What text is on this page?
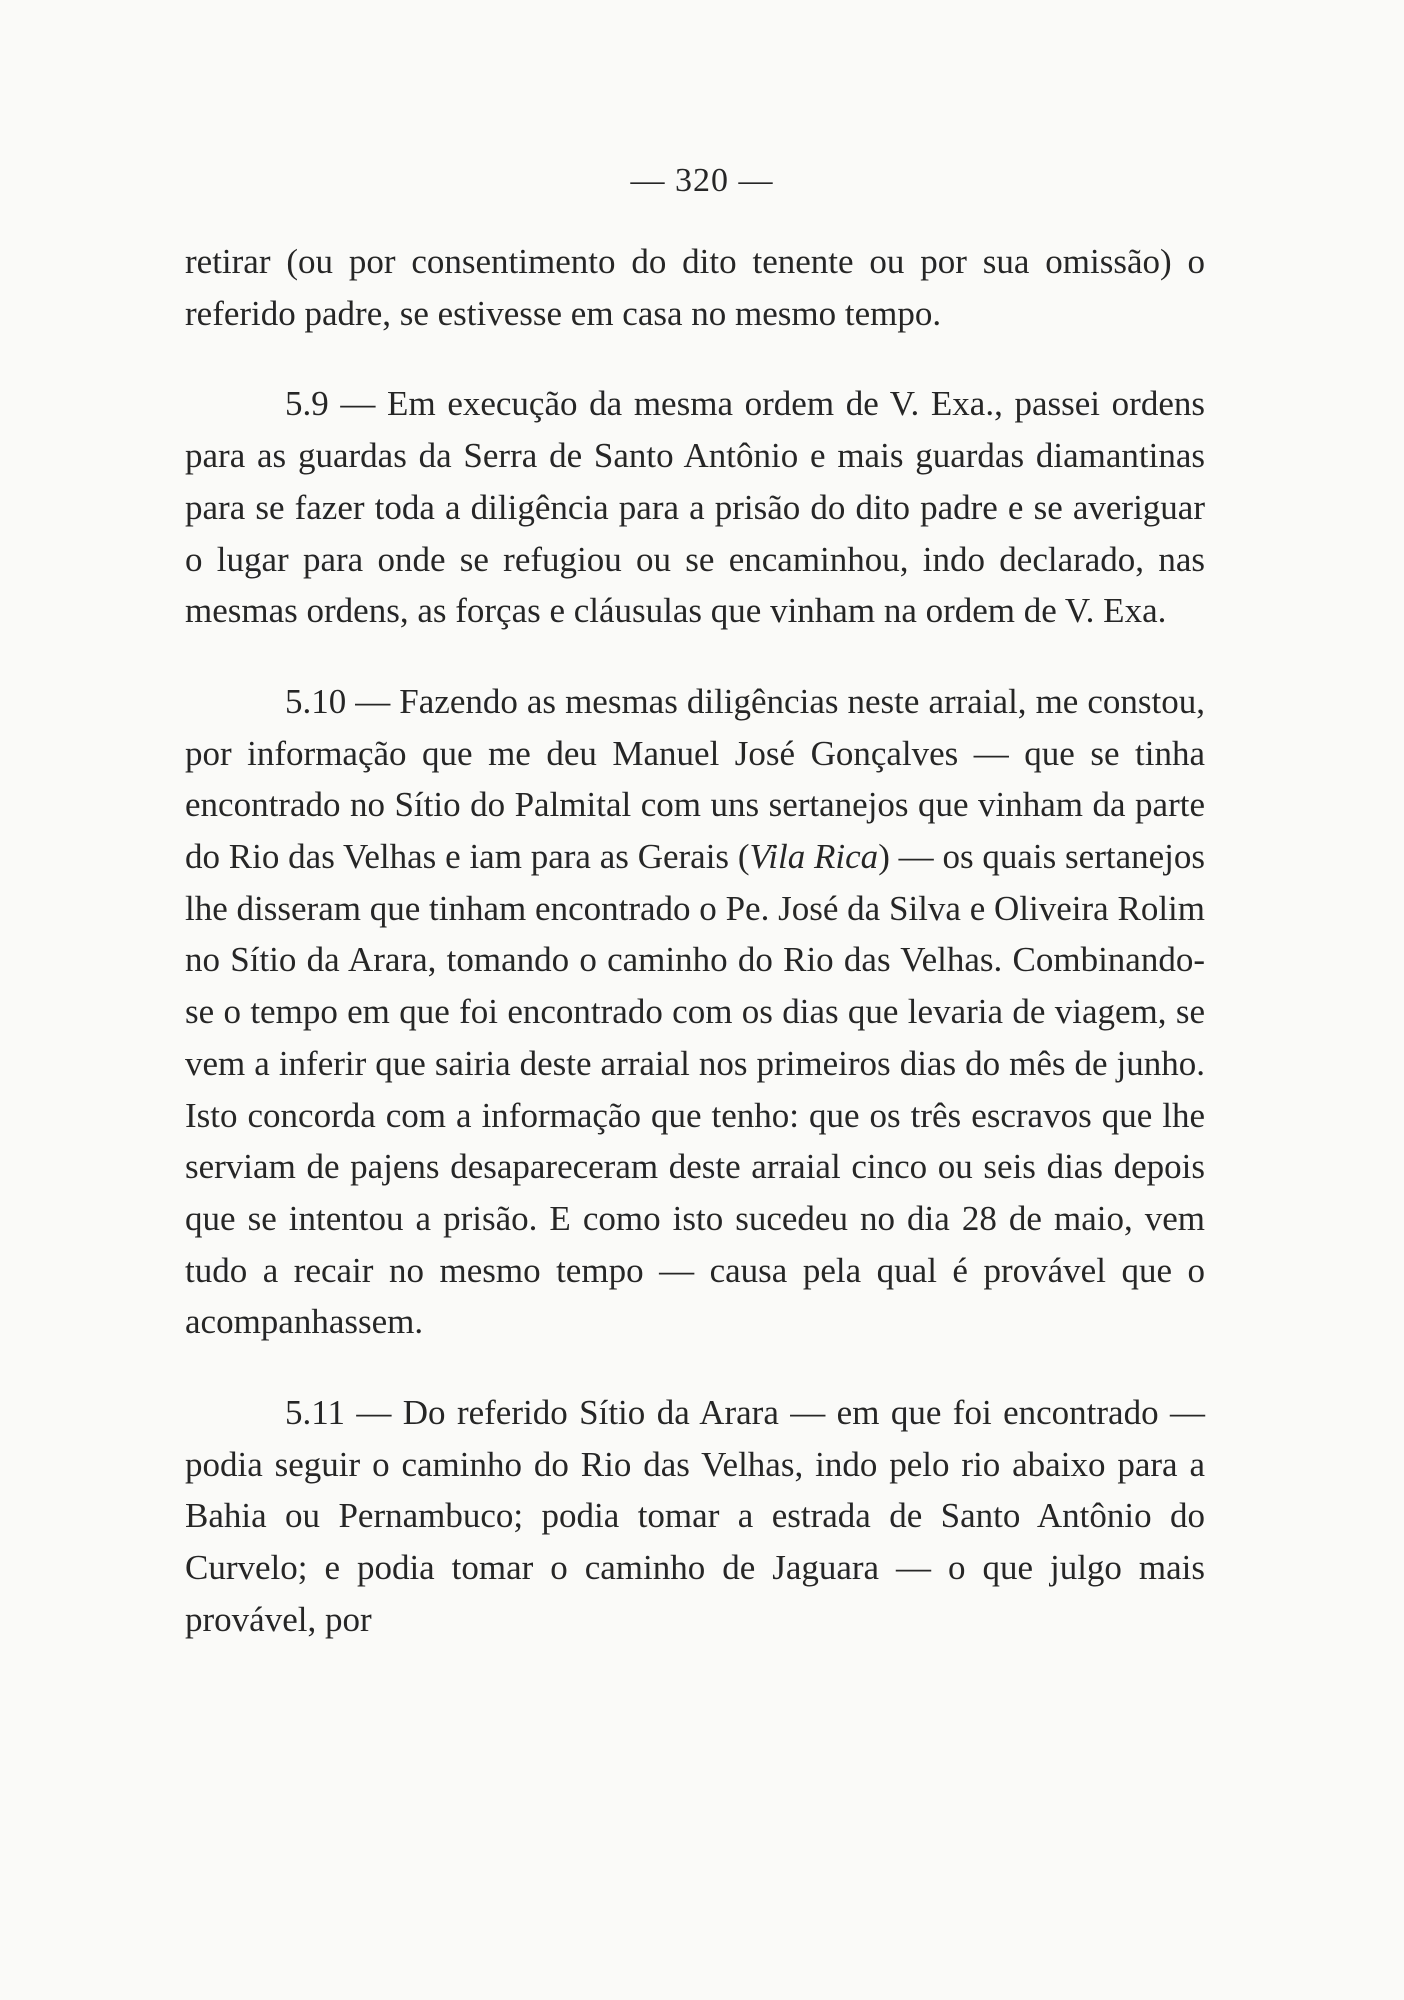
— 320 —

retirar (ou por consentimento do dito tenente ou por sua omissão) o referido padre, se estivesse em casa no mesmo tempo.

5.9 — Em execução da mesma ordem de V. Exa., passei ordens para as guardas da Serra de Santo Antônio e mais guardas diamantinas para se fazer toda a diligência para a prisão do dito padre e se averiguar o lugar para onde se refugiou ou se encaminhou, indo declarado, nas mesmas ordens, as forças e cláusulas que vinham na ordem de V. Exa.

5.10 — Fazendo as mesmas diligências neste arraial, me constou, por informação que me deu Manuel José Gonçalves — que se tinha encontrado no Sítio do Palmital com uns sertanejos que vinham da parte do Rio das Velhas e iam para as Gerais (Vila Rica) — os quais sertanejos lhe disseram que tinham encontrado o Pe. José da Silva e Oliveira Rolim no Sítio da Arara, tomando o caminho do Rio das Velhas. Combinando-se o tempo em que foi encontrado com os dias que levaria de viagem, se vem a inferir que sairia deste arraial nos primeiros dias do mês de junho. Isto concorda com a informação que tenho: que os três escravos que lhe serviam de pajens desapareceram deste arraial cinco ou seis dias depois que se intentou a prisão. E como isto sucedeu no dia 28 de maio, vem tudo a recair no mesmo tempo — causa pela qual é provável que o acompanhassem.

5.11 — Do referido Sítio da Arara — em que foi encontrado — podia seguir o caminho do Rio das Velhas, indo pelo rio abaixo para a Bahia ou Pernambuco; podia tomar a estrada de Santo Antônio do Curvelo; e podia tomar o caminho de Jaguara — o que julgo mais provável, por
